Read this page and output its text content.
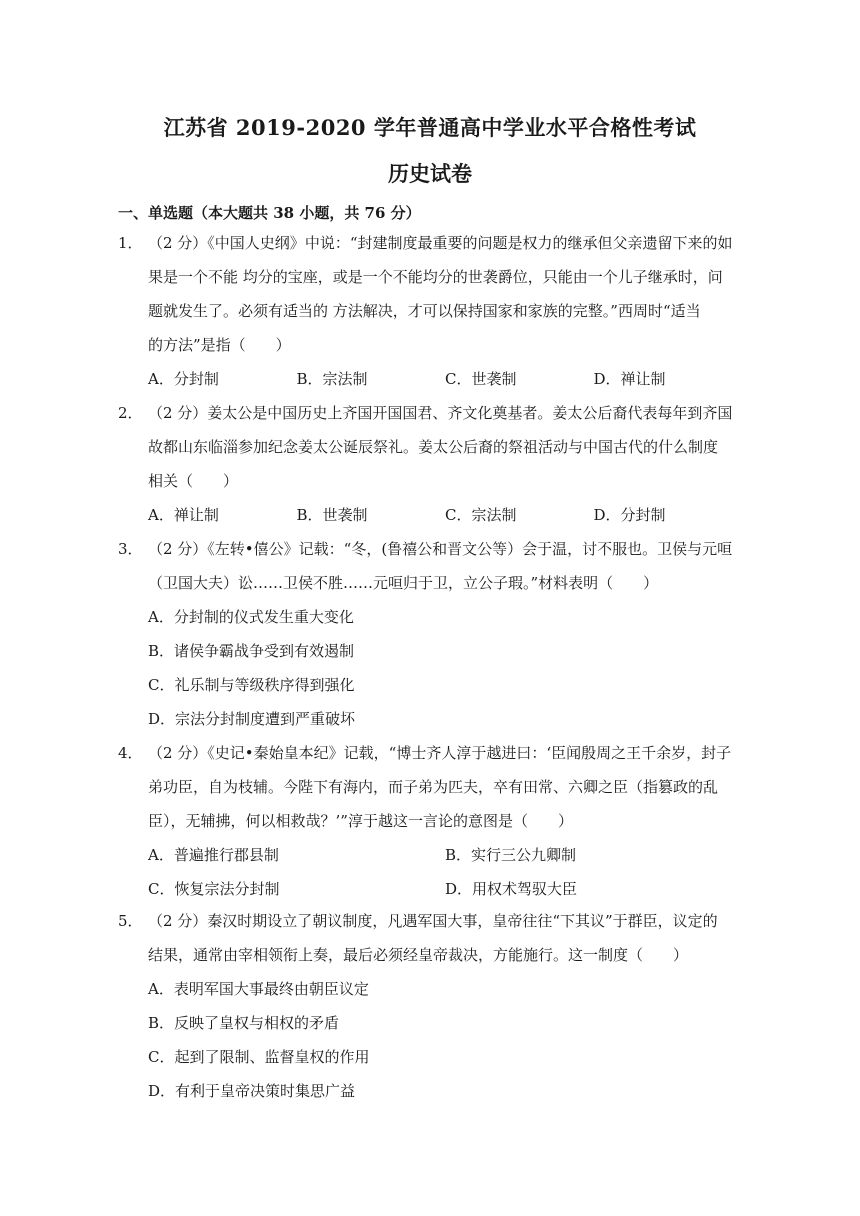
江苏省 2019-2020 学年普通高中学业水平合格性考试
历史试卷
一、单选题（本大题共 38 小题，共 76 分）
1． （2 分）《中国人史纲》中说：“封建制度最重要的问题是权力的继承但父亲遗留下来的如
果是一个不能 均分的宝座，或是一个不能均分的世袭爵位，只能由一个儿子继承时，问
题就发生了。必须有适当的 方法解决，才可以保持国家和家族的完整。”西周时“适当
的方法”是指（　　）
A．分封制	B．宗法制	C．世袭制	D．禅让制
2． （2 分）姜太公是中国历史上齐国开国国君、齐文化奠基者。姜太公后裔代表每年到齐国
故都山东临淄参加纪念姜太公诞辰祭礼。姜太公后裔的祭祖活动与中国古代的什么制度
相关（　　）
A．禅让制	B．世袭制	C．宗法制	D．分封制
3． （2 分）《左转•僖公》记载：“冬，(鲁禧公和晋文公等）会于温，讨不服也。卫侯与元咺
（卫国大夫）讼……卫侯不胜……元咺归于卫，立公子瑕。”材料表明（　　）
A．分封制的仪式发生重大变化
B．诸侯争霸战争受到有效遏制
C．礼乐制与等级秩序得到强化
D．宗法分封制度遭到严重破坏
4． （2 分）《史记•秦始皇本纪》记载，“博士齐人淳于越进曰：‘臣闻殷周之王千余岁，封子
弟功臣，自为枝辅。今陛下有海内，而子弟为匹夫，卒有田常、六卿之臣（指篡政的乱
臣），无辅拂，何以相救哉？’”淳于越这一言论的意图是（　　）
A．普遍推行郡县制	B．实行三公九卿制
C．恢复宗法分封制	D．用权术驾驭大臣
5． （2 分）秦汉时期设立了朝议制度，凡遇军国大事，皇帝往往“下其议”于群臣，议定的
结果，通常由宰相领衔上奏，最后必须经皇帝裁决，方能施行。这一制度（　　）
A．表明军国大事最终由朝臣议定
B．反映了皇权与相权的矛盾
C．起到了限制、监督皇权的作用
D．有利于皇帝决策时集思广益
